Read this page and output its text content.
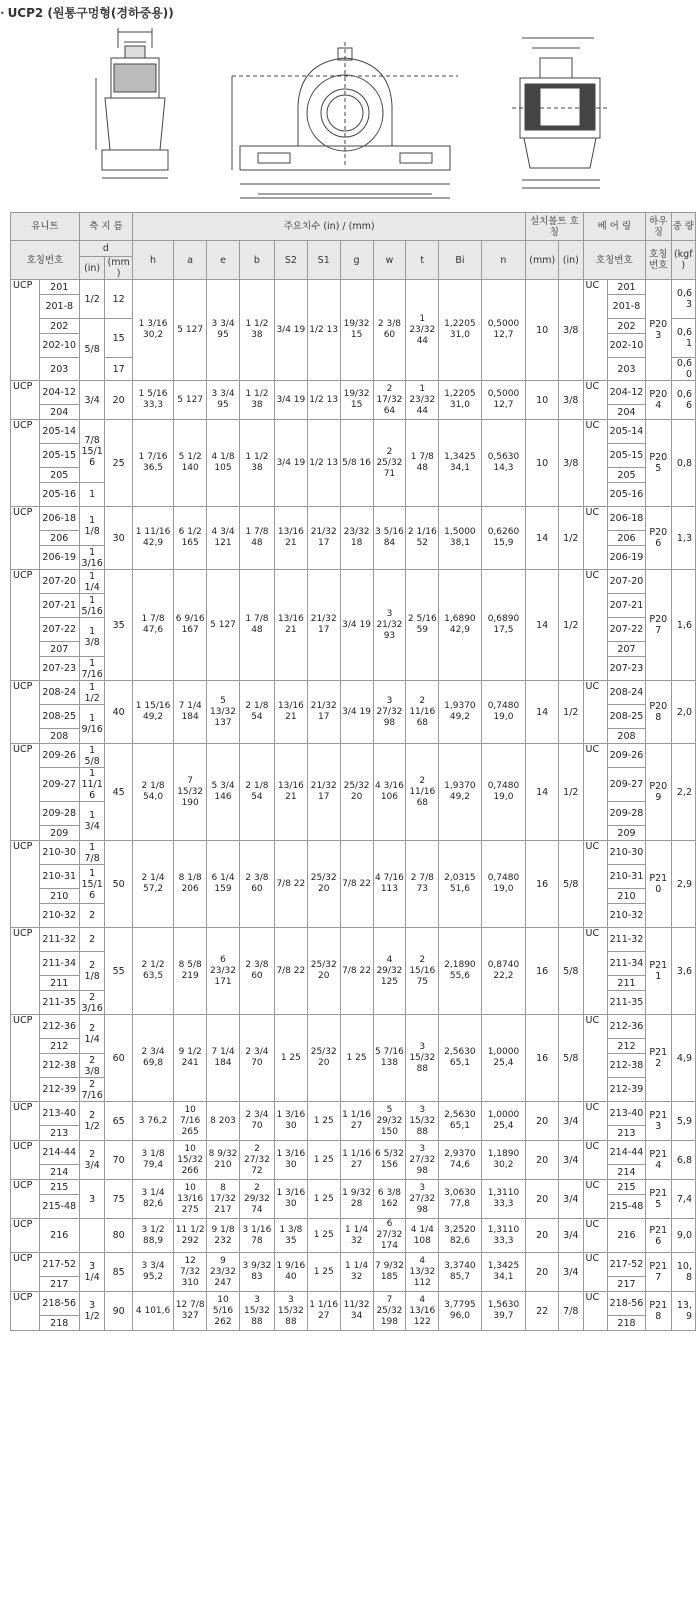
· UCP2 (원통구멍형(경하중용))
유니트		축 지 름		주요치수 (in) / (mm)											설치볼트 호 칭		베 어 링		하우 징	중 량
호칭번호		d		h	a	e	b	S2	S1	g	w	t	Bi	n	(mm)	(in)	호칭번호		호칭 번호	(kgf)
		(in)	(mm)																	
UCP	201	1/2	12	1 3/16 30,2	5 127	3 3/4 95	1 1/2 38	3/4 19	1/2 13	19/32 15	2 3/8 60	1 23/32 44	1,2205 31,0	0,5000 12,7	10	3/8	UC	201	P203	0,63
	201-8																	201-8		
	202	5/8	15															202		0,61
	202-10																	202-10		
	203		17															203		0,60
UCP	204-12	3/4	20	1 5/16 33,3	5 127	3 3/4 95	1 1/2 38	3/4 19	1/2 13	19/32 15	2 17/32 64	1 23/32 44	1,2205 31,0	0,5000 12,7	10	3/8	UC	204-12	P204	0,66
	204																	204		
UCP	205-14	7/8 15/16	25	1 7/16 36,5	5 1/2 140	4 1/8 105	1 1/2 38	3/4 19	1/2 13	5/8 16	2 25/32 71	1 7/8 48	1,3425 34,1	0,5630 14,3	10	3/8	UC	205-14	P205	0,8
	205-15																	205-15		
	205																	205		
	205-16	1																205-16		
UCP	206-18	1 1/8	30	1 11/16 42,9	6 1/2 165	4 3/4 121	1 7/8 48	13/16 21	21/32 17	23/32 18	3 5/16 84	2 1/16 52	1,5000 38,1	0,6260 15,9	14	1/2	UC	206-18	P206	1,3
	206																	206		
	206-19	1 3/16																206-19		
UCP	207-20	1 1/4	35	1 7/8 47,6	6 9/16 167	5 127	1 7/8 48	13/16 21	21/32 17	3/4 19	3 21/32 93	2 5/16 59	1,6890 42,9	0,6890 17,5	14	1/2	UC	207-20	P207	1,6
	207-21	1 5/16																207-21		
	207-22	1 3/8																207-22		
	207																	207		
	207-23	1 7/16																207-23		
UCP	208-24	1 1/2	40	1 15/16 49,2	7 1/4 184	5 13/32 137	2 1/8 54	13/16 21	21/32 17	3/4 19	3 27/32 98	2 11/16 68	1,9370 49,2	0,7480 19,0	14	1/2	UC	208-24	P208	2,0
	208-25	1 9/16																208-25		
	208																	208		
UCP	209-26	1 5/8	45	2 1/8 54,0	7 15/32 190	5 3/4 146	2 1/8 54	13/16 21	21/32 17	25/32 20	4 3/16 106	2 11/16 68	1,9370 49,2	0,7480 19,0	14	1/2	UC	209-26	P209	2,2
	209-27	1 11/16																209-27		
	209-28	1 3/4																209-28		
	209																	209		
UCP	210-30	1 7/8	50	2 1/4 57,2	8 1/8 206	6 1/4 159	2 3/8 60	7/8 22	25/32 20	7/8 22	4 7/16 113	2 7/8 73	2,0315 51,6	0,7480 19,0	16	5/8	UC	210-30	P210	2,9
	210-31	1 15/16																210-31		
	210																	210		
	210-32	2																210-32		
UCP	211-32	2	55	2 1/2 63,5	8 5/8 219	6 23/32 171	2 3/8 60	7/8 22	25/32 20	7/8 22	4 29/32 125	2 15/16 75	2,1890 55,6	0,8740 22,2	16	5/8	UC	211-32	P211	3,6
	211-34	2 1/8																211-34		
	211																	211		
	211-35	2 3/16																211-35		
UCP	212-36	2 1/4	60	2 3/4 69,8	9 1/2 241	7 1/4 184	2 3/4 70	1 25	25/32 20	1 25	5 7/16 138	3 15/32 88	2,5630 65,1	1,0000 25,4	16	5/8	UC	212-36	P212	4,9
	212																	212		
	212-38	2 3/8																212-38		
	212-39	2 7/16																212-39		
UCP	213-40	2 1/2	65	3 76,2	10 7/16 265	8 203	2 3/4 70	1 3/16 30	1 25	1 1/16 27	5 29/32 150	3 15/32 88	2,5630 65,1	1,0000 25,4	20	3/4	UC	213-40	P213	5,9
	213																	213		
UCP	214-44	2 3/4	70	3 1/8 79,4	10 15/32 266	8 9/32 210	2 27/32 72	1 3/16 30	1 25	1 1/16 27	6 5/32 156	3 27/32 98	2,9370 74,6	1,1890 30,2	20	3/4	UC	214-44	P214	6,8
	214																	214		
UCP	215	3	75	3 1/4 82,6	10 13/16 275	8 17/32 217	2 29/32 74	1 3/16 30	1 25	1 9/32 28	6 3/8 162	3 27/32 98	3,0630 77,8	1,3110 33,3	20	3/4	UC	215	P215	7,4
	215-48																	215-48		
UCP	216		80	3 1/2 88,9	11 1/2 292	9 1/8 232	3 1/16 78	1 3/8 35	1 25	1 1/4 32	6 27/32 174	4 1/4 108	3,2520 82,6	1,3110 33,3	20	3/4	UC	216	P216	9,0
UCP	217-52	3 1/4	85	3 3/4 95,2	12 7/32 310	9 23/32 247	3 9/32 83	1 9/16 40	1 25	1 1/4 32	7 9/32 185	4 13/32 112	3,3740 85,7	1,3425 34,1	20	3/4	UC	217-52	P217	10,8
	217																	217		
UCP	218-56	3 1/2	90	4 101,6	12 7/8 327	10 5/16 262	3 15/32 88	3 15/32 88	1 1/16 27	11/32 34	7 25/32 198	4 13/16 122	3,7795 96,0	1,5630 39,7	22	7/8	UC	218-56	P218	13,9
	218																	218		
